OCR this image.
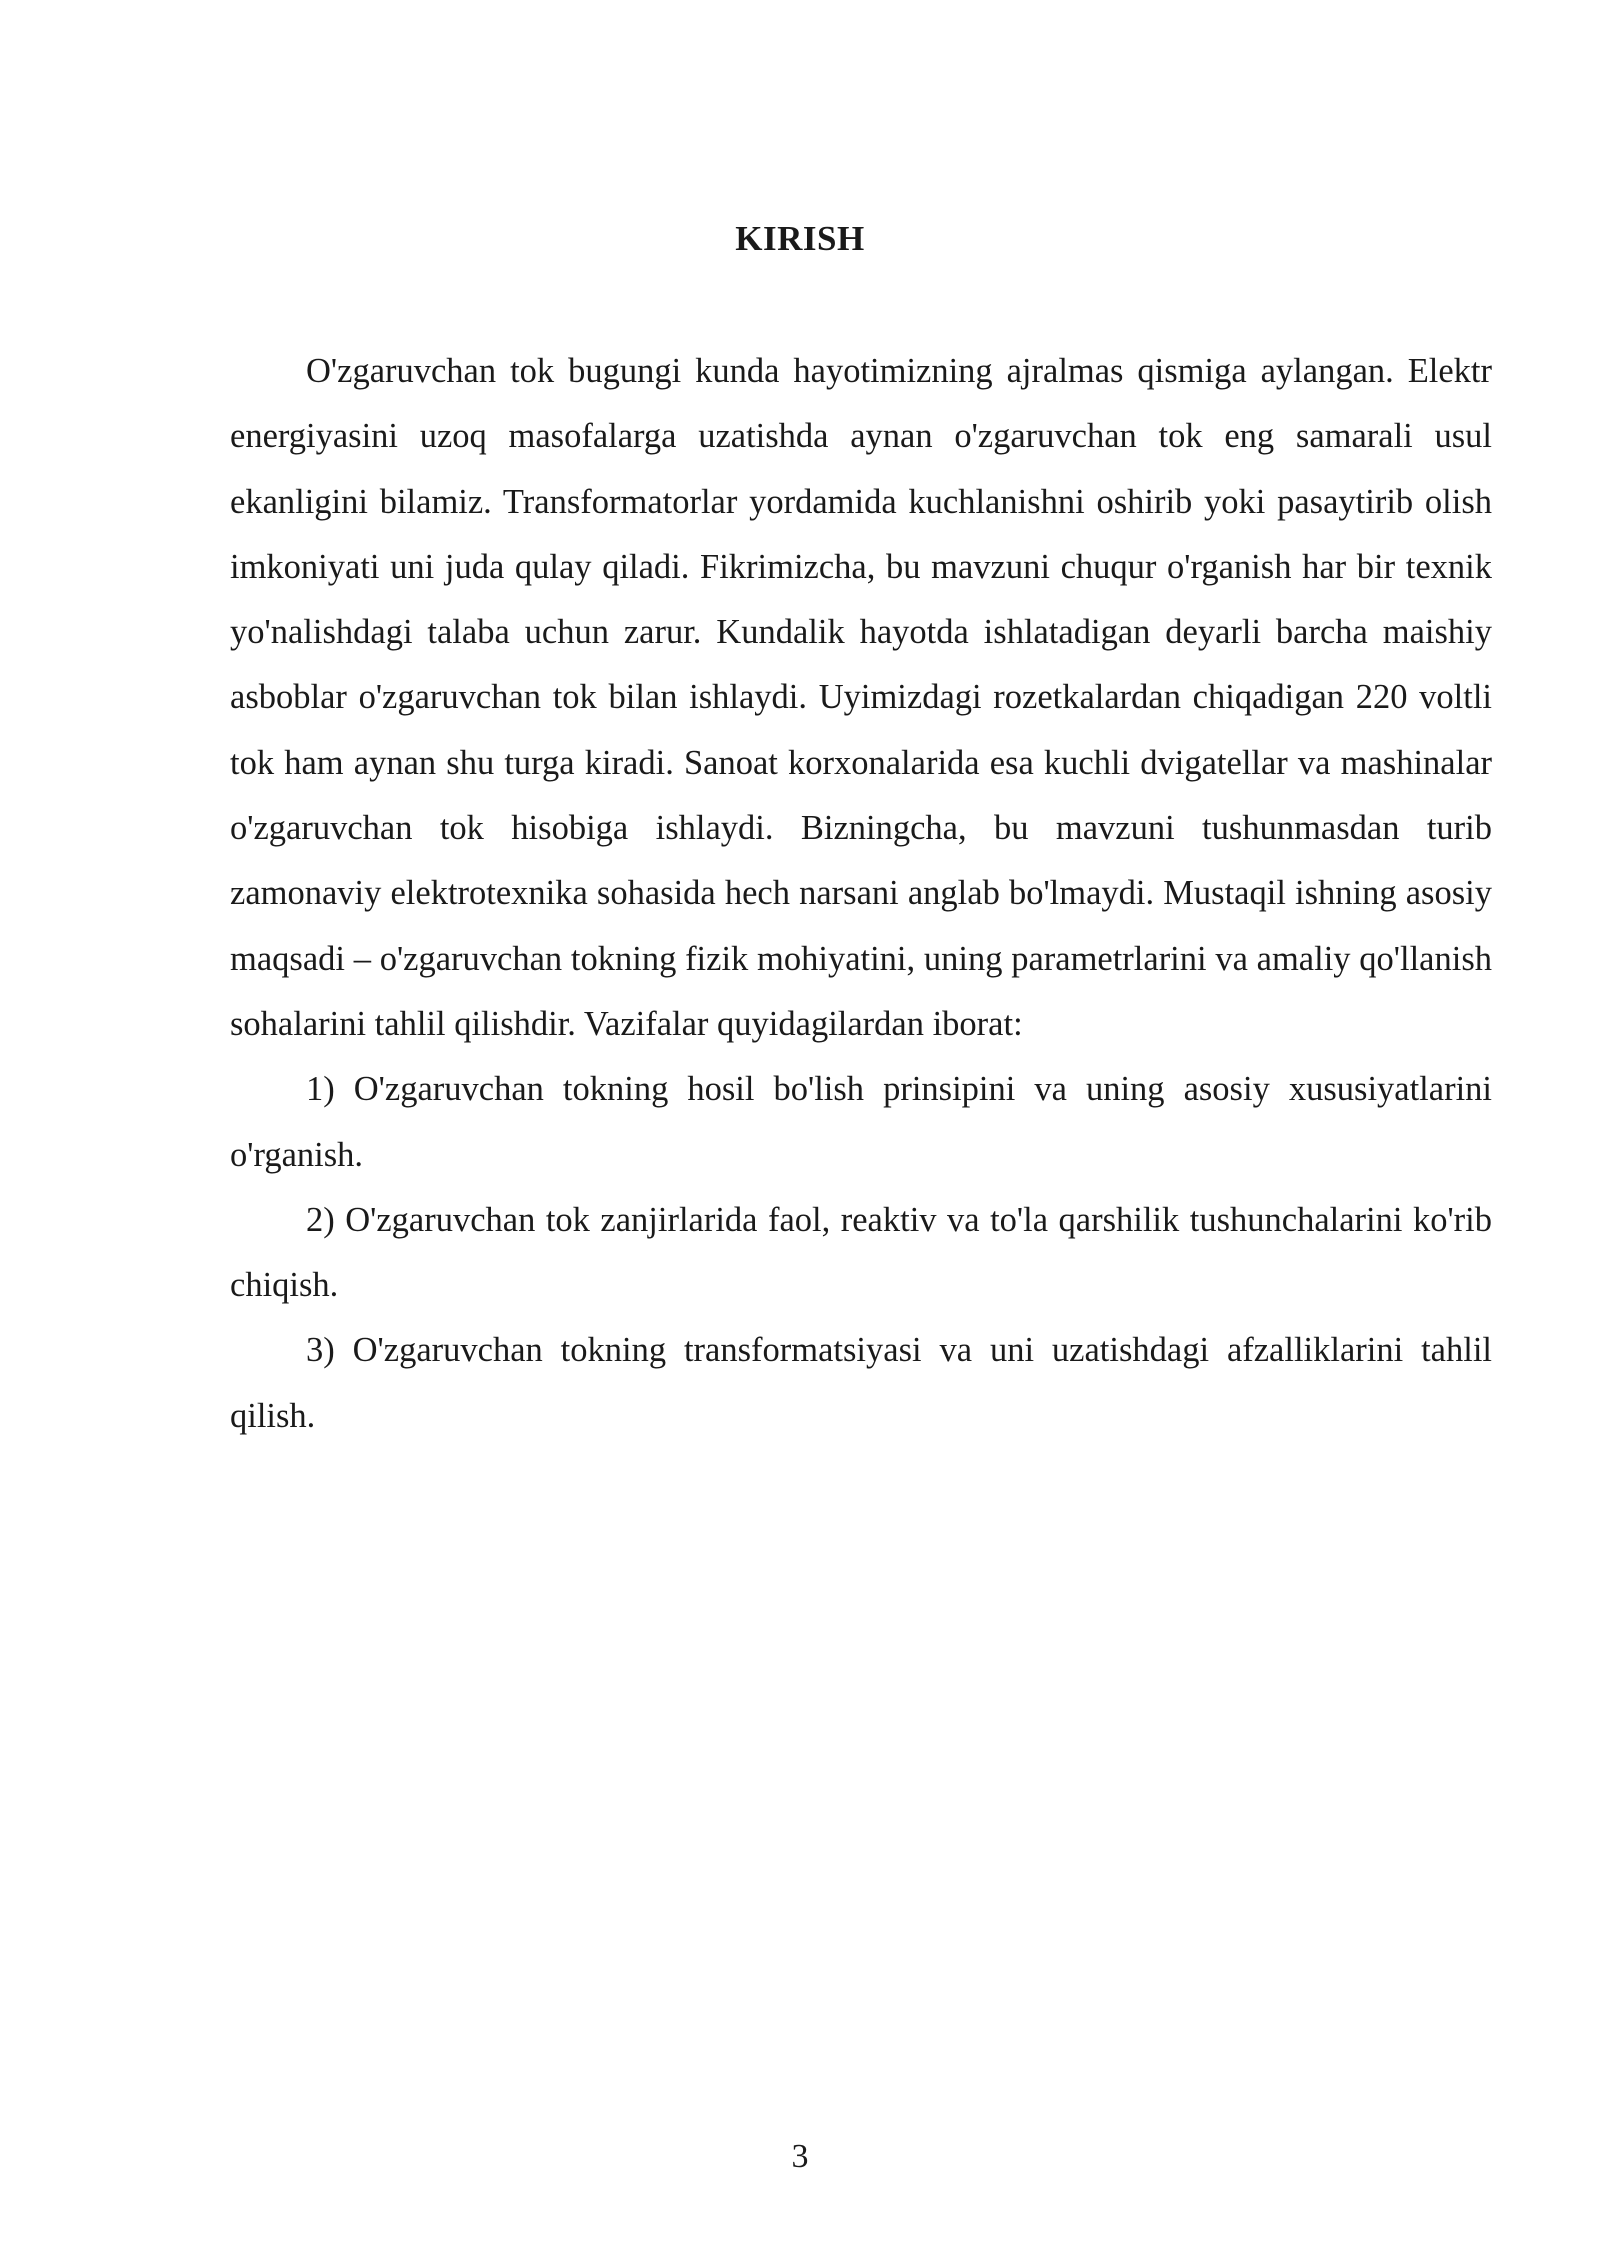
KIRISH

O'zgaruvchan tok bugungi kunda hayotimizning ajralmas qismiga aylangan. Elektr energiyasini uzoq masofalarga uzatishda aynan o'zgaruvchan tok eng samarali usul ekanligini bilamiz. Transformatorlar yordamida kuchlanishni oshirib yoki pasaytirib olish imkoniyati uni juda qulay qiladi. Fikrimizcha, bu mavzuni chuqur o'rganish har bir texnik yo'nalishdagi talaba uchun zarur. Kundalik hayotda ishlatadigan deyarli barcha maishiy asboblar o'zgaruvchan tok bilan ishlaydi. Uyimizdagi rozetkalardan chiqadigan 220 voltli tok ham aynan shu turga kiradi. Sanoat korxonalarida esa kuchli dvigatellar va mashinalar o'zgaruvchan tok hisobiga ishlaydi. Bizningcha, bu mavzuni tushunmasdan turib zamonaviy elektrotexnika sohasida hech narsani anglab bo'lmaydi. Mustaqil ishning asosiy maqsadi – o'zgaruvchan tokning fizik mohiyatini, uning parametrlarini va amaliy qo'llanish sohalarini tahlil qilishdir. Vazifalar quyidagilardan iborat:

1) O'zgaruvchan tokning hosil bo'lish prinsipini va uning asosiy xususiyatlarini o'rganish.

2) O'zgaruvchan tok zanjirlarida faol, reaktiv va to'la qarshilik tushunchalarini ko'rib chiqish.

3) O'zgaruvchan tokning transformatsiyasi va uni uzatishdagi afzalliklarini tahlil qilish.

3
